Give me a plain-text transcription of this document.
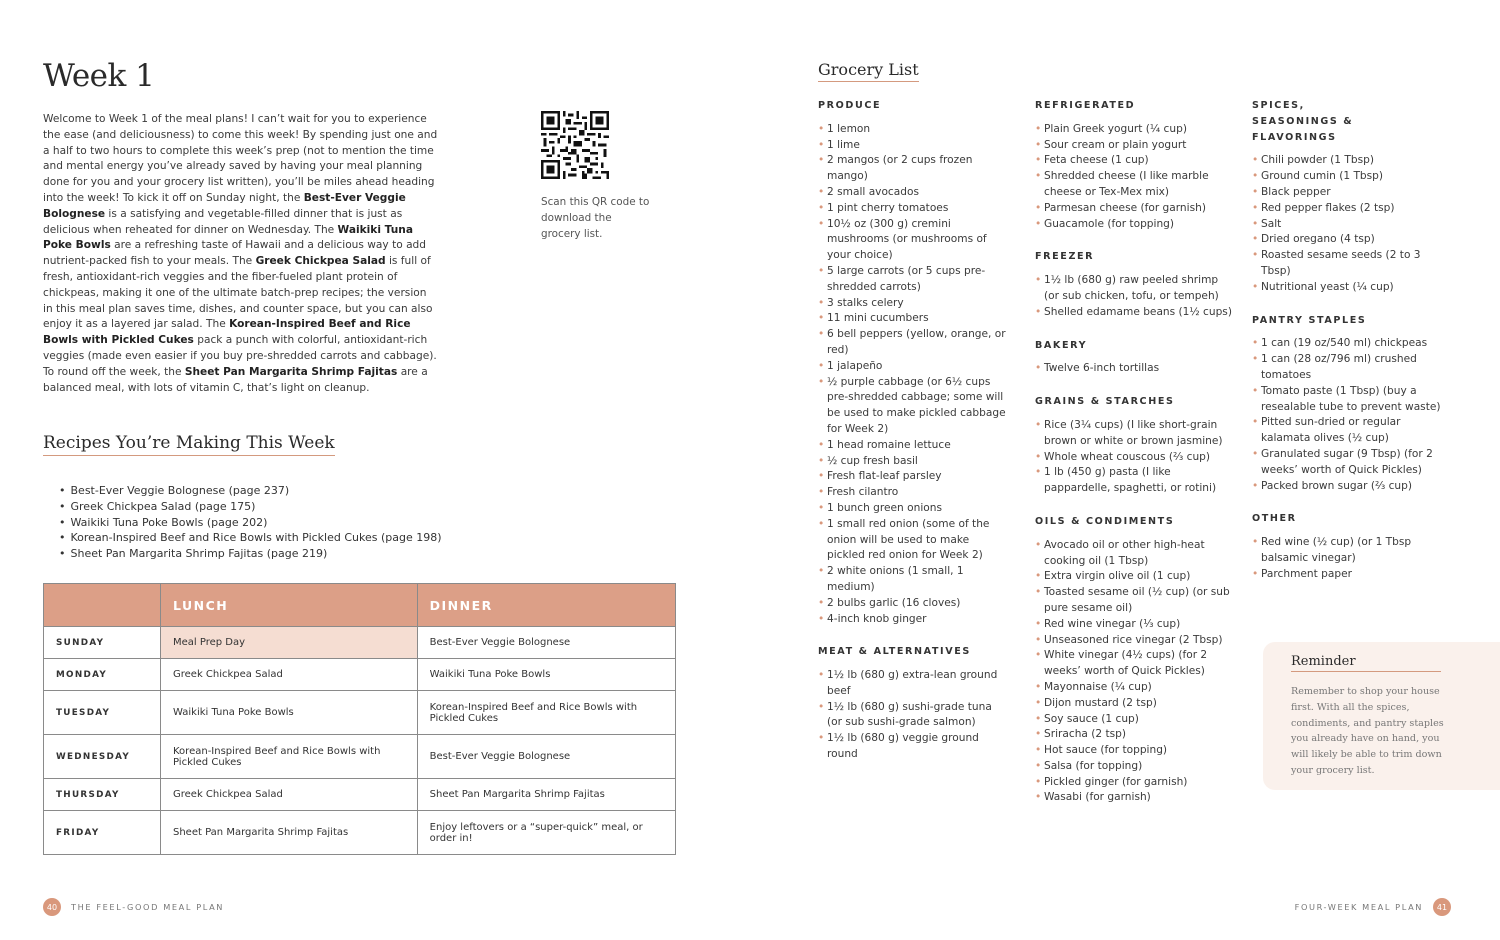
Week 1

Welcome to Week 1 of the meal plans! I can’t wait for you to experience the ease (and deliciousness) to come this week! By spending just one and a half to two hours to complete this week’s prep (not to mention the time and mental energy you’ve already saved by having your meal planning done for you and your grocery list written), you’ll be miles ahead heading into the week! To kick it off on Sunday night, the Best-Ever Veggie Bolognese is a satisfying and vegetable-filled dinner that is just as delicious when reheated for dinner on Wednesday. The Waikiki Tuna Poke Bowls are a refreshing taste of Hawaii and a delicious way to add nutrient-packed fish to your meals. The Greek Chickpea Salad is full of fresh, antioxidant-rich veggies and the fiber-fueled plant protein of chickpeas, making it one of the ultimate batch-prep recipes; the version in this meal plan saves time, dishes, and counter space, but you can also enjoy it as a layered jar salad. The Korean-Inspired Beef and Rice Bowls with Pickled Cukes pack a punch with colorful, antioxidant-rich veggies (made even easier if you buy pre-shredded carrots and cabbage). To round off the week, the Sheet Pan Margarita Shrimp Fajitas are a balanced meal, with lots of vitamin C, that’s light on cleanup.

Scan this QR code to download the grocery list.

Recipes You’re Making This Week
• Best-Ever Veggie Bolognese (page 237)
• Greek Chickpea Salad (page 175)
• Waikiki Tuna Poke Bowls (page 202)
• Korean-Inspired Beef and Rice Bowls with Pickled Cukes (page 198)
• Sheet Pan Margarita Shrimp Fajitas (page 219)
	LUNCH	DINNER
SUNDAY	Meal Prep Day	Best-Ever Veggie Bolognese
MONDAY	Greek Chickpea Salad	Waikiki Tuna Poke Bowls
TUESDAY	Waikiki Tuna Poke Bowls	Korean-Inspired Beef and Rice Bowls with Pickled Cukes
WEDNESDAY	Korean-Inspired Beef and Rice Bowls with Pickled Cukes	Best-Ever Veggie Bolognese
THURSDAY	Greek Chickpea Salad	Sheet Pan Margarita Shrimp Fajitas
FRIDAY	Sheet Pan Margarita Shrimp Fajitas	Enjoy leftovers or a “super-quick” meal, or order in!
40	THE FEEL-GOOD MEAL PLAN
Grocery List
PRODUCE
• 1 lemon
• 1 lime
• 2 mangos (or 2 cups frozen mango)
• 2 small avocados
• 1 pint cherry tomatoes
• 10½ oz (300 g) cremini mushrooms (or mushrooms of your choice)
• 5 large carrots (or 5 cups pre-shredded carrots)
• 3 stalks celery
• 11 mini cucumbers
• 6 bell peppers (yellow, orange, or red)
• 1 jalapeño
• ½ purple cabbage (or 6½ cups pre-shredded cabbage; some will be used to make pickled cabbage for Week 2)
• 1 head romaine lettuce
• ½ cup fresh basil
• Fresh flat-leaf parsley
• Fresh cilantro
• 1 bunch green onions
• 1 small red onion (some of the onion will be used to make pickled red onion for Week 2)
• 2 white onions (1 small, 1 medium)
• 2 bulbs garlic (16 cloves)
• 4-inch knob ginger
MEAT & ALTERNATIVES
• 1½ lb (680 g) extra-lean ground beef
• 1½ lb (680 g) sushi-grade tuna (or sub sushi-grade salmon)
• 1½ lb (680 g) veggie ground round
REFRIGERATED
• Plain Greek yogurt (¼ cup)
• Sour cream or plain yogurt
• Feta cheese (1 cup)
• Shredded cheese (I like marble cheese or Tex-Mex mix)
• Parmesan cheese (for garnish)
• Guacamole (for topping)
FREEZER
• 1½ lb (680 g) raw peeled shrimp (or sub chicken, tofu, or tempeh)
• Shelled edamame beans (1½ cups)
BAKERY
• Twelve 6-inch tortillas
GRAINS & STARCHES
• Rice (3¼ cups) (I like short-grain brown or white or brown jasmine)
• Whole wheat couscous (⅔ cup)
• 1 lb (450 g) pasta (I like pappardelle, spaghetti, or rotini)
OILS & CONDIMENTS
• Avocado oil or other high-heat cooking oil (1 Tbsp)
• Extra virgin olive oil (1 cup)
• Toasted sesame oil (½ cup) (or sub pure sesame oil)
• Red wine vinegar (⅓ cup)
• Unseasoned rice vinegar (2 Tbsp)
• White vinegar (4½ cups) (for 2 weeks’ worth of Quick Pickles)
• Mayonnaise (¼ cup)
• Dijon mustard (2 tsp)
• Soy sauce (1 cup)
• Sriracha (2 tsp)
• Hot sauce (for topping)
• Salsa (for topping)
• Pickled ginger (for garnish)
• Wasabi (for garnish)
SPICES, SEASONINGS & FLAVORINGS
• Chili powder (1 Tbsp)
• Ground cumin (1 Tbsp)
• Black pepper
• Red pepper flakes (2 tsp)
• Salt
• Dried oregano (4 tsp)
• Roasted sesame seeds (2 to 3 Tbsp)
• Nutritional yeast (¼ cup)
PANTRY STAPLES
• 1 can (19 oz/540 ml) chickpeas
• 1 can (28 oz/796 ml) crushed tomatoes
• Tomato paste (1 Tbsp) (buy a resealable tube to prevent waste)
• Pitted sun-dried or regular kalamata olives (½ cup)
• Granulated sugar (9 Tbsp) (for 2 weeks’ worth of Quick Pickles)
• Packed brown sugar (⅔ cup)
OTHER
• Red wine (½ cup) (or 1 Tbsp balsamic vinegar)
• Parchment paper
Reminder

Remember to shop your house first. With all the spices, condiments, and pantry staples you already have on hand, you will likely be able to trim down your grocery list.

FOUR-WEEK MEAL PLAN	41
